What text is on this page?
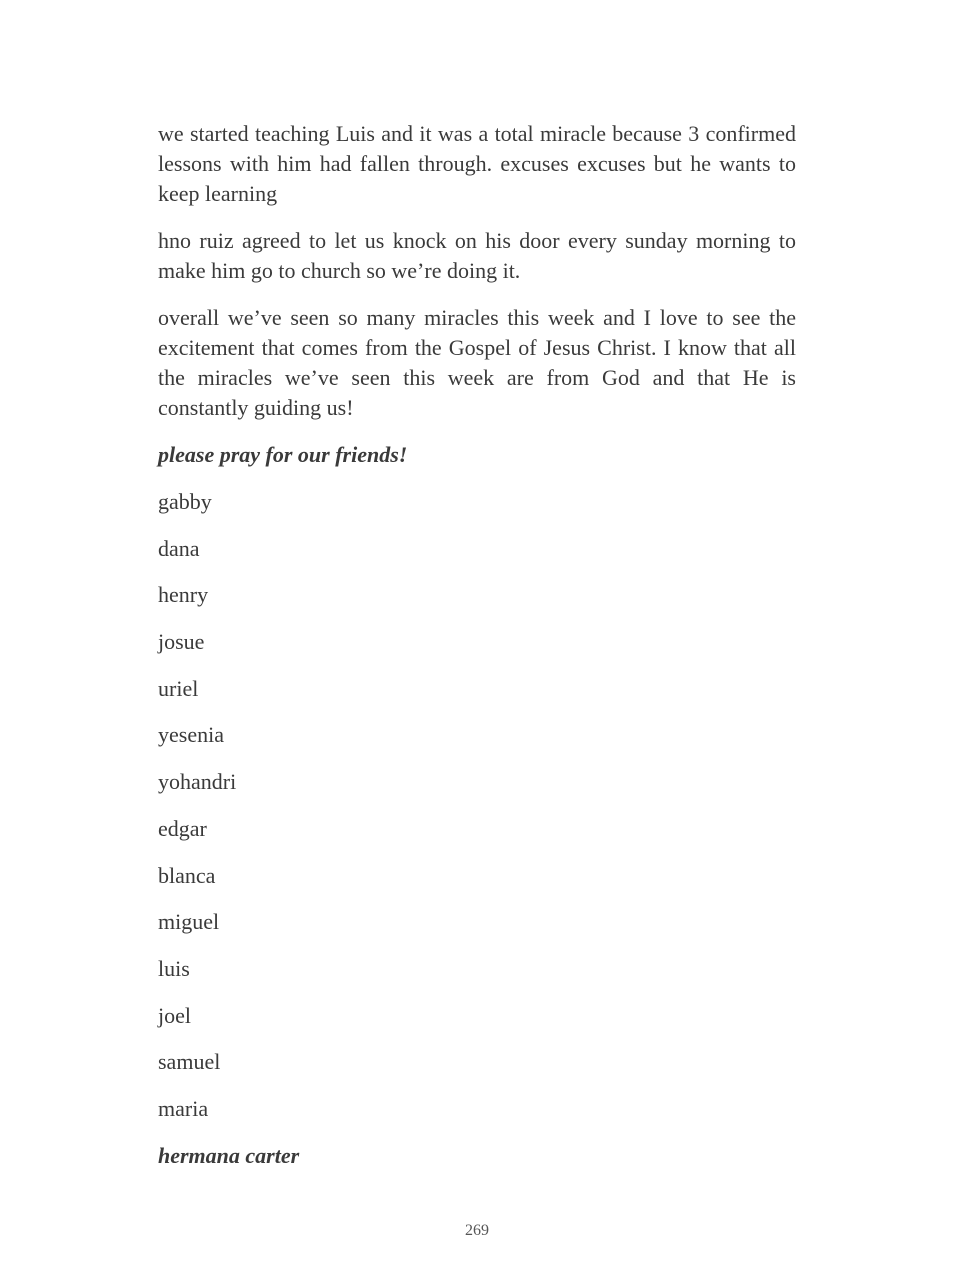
we started teaching Luis and it was a total miracle because 3 confirmed lessons with him had fallen through. excuses excuses but he wants to keep learning

hno ruiz agreed to let us knock on his door every sunday morning to make him go to church so we’re doing it.

overall we’ve seen so many miracles this week and I love to see the excitement that comes from the Gospel of Jesus Christ. I know that all the miracles we’ve seen this week are from God and that He is constantly guiding us!

please pray for our friends!

gabby
dana
henry
josue
uriel
yesenia
yohandri
edgar
blanca
miguel
luis
joel
samuel
maria

hermana carter

269
